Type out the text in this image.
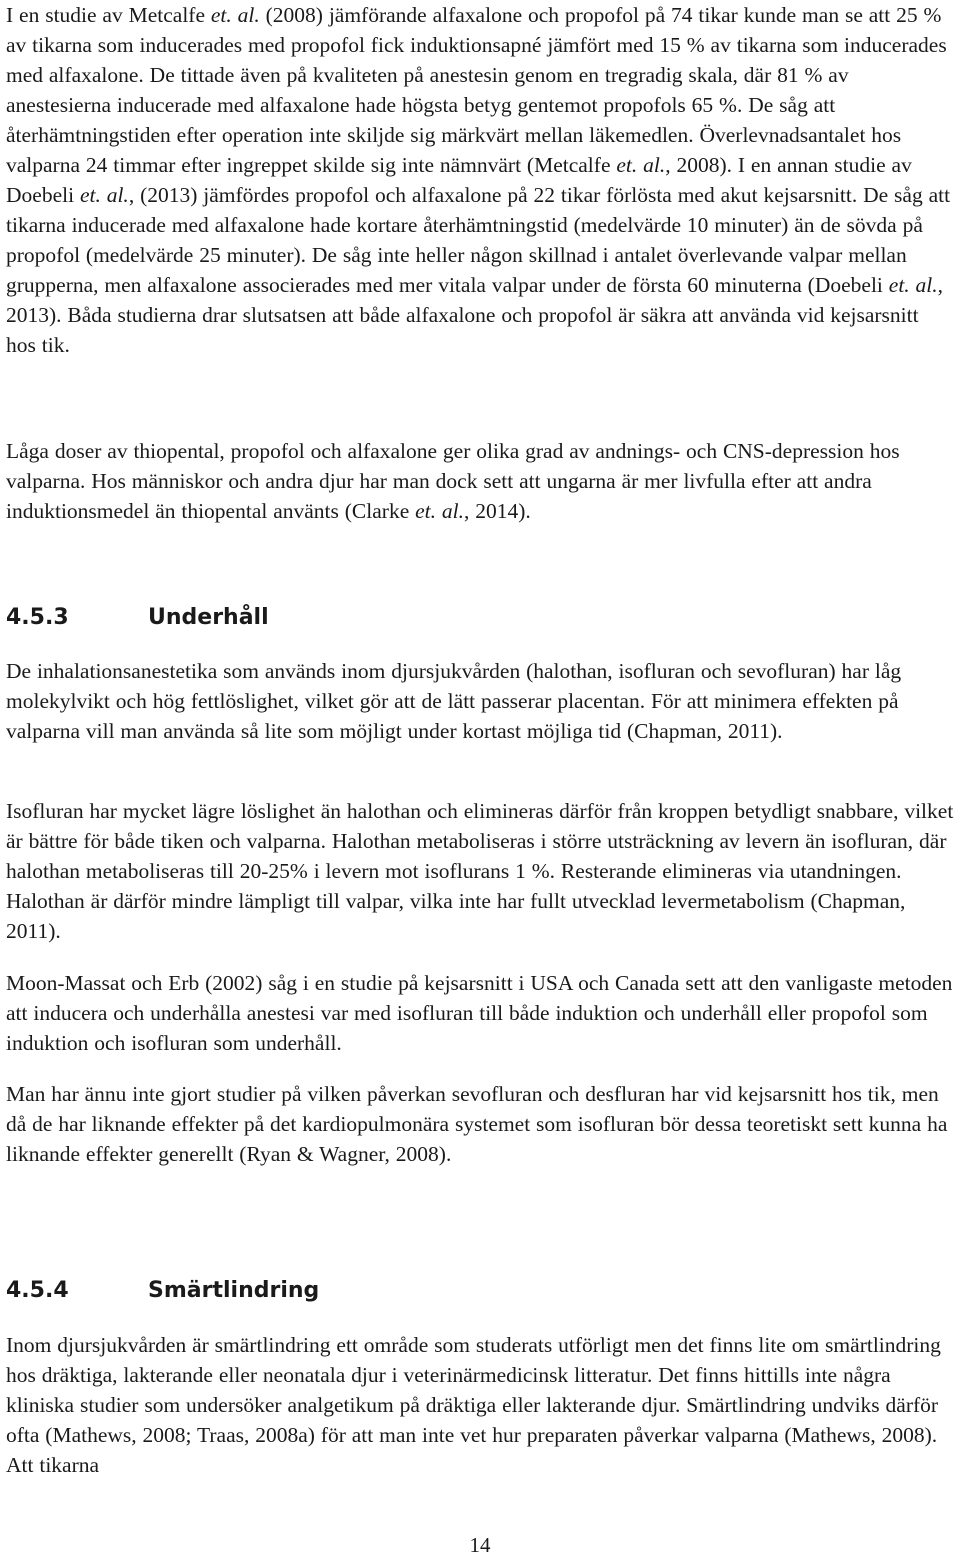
I en studie av Metcalfe et. al. (2008) jämförande alfaxalone och propofol på 74 tikar kunde man se att 25 % av tikarna som inducerades med propofol fick induktionsapné jämfört med 15 % av tikarna som inducerades med alfaxalone. De tittade även på kvaliteten på anestesin genom en tregradig skala, där 81 % av anestesierna inducerade med alfaxalone hade högsta betyg gentemot propofols 65 %. De såg att återhämtningstiden efter operation inte skiljde sig märkvärt mellan läkemedlen. Överlevnadsantalet hos valparna 24 timmar efter ingreppet skilde sig inte nämnvärt (Metcalfe et. al., 2008). I en annan studie av Doebeli et. al., (2013) jämfördes propofol och alfaxalone på 22 tikar förlösta med akut kejsarsnitt. De såg att tikarna inducerade med alfaxalone hade kortare återhämtningstid (medelvärde 10 minuter) än de sövda på propofol (medelvärde 25 minuter). De såg inte heller någon skillnad i antalet överlevande valpar mellan grupperna, men alfaxalone associerades med mer vitala valpar under de första 60 minuterna (Doebeli et. al., 2013). Båda studierna drar slutsatsen att både alfaxalone och propofol är säkra att använda vid kejsarsnitt hos tik.

Låga doser av thiopental, propofol och alfaxalone ger olika grad av andnings- och CNS-depression hos valparna. Hos människor och andra djur har man dock sett att ungarna är mer livfulla efter att andra induktionsmedel än thiopental använts (Clarke et. al., 2014).

4.5.3	Underhåll

De inhalationsanestetika som används inom djursjukvården (halothan, isofluran och sevofluran) har låg molekylvikt och hög fettlöslighet, vilket gör att de lätt passerar placentan. För att minimera effekten på valparna vill man använda så lite som möjligt under kortast möjliga tid (Chapman, 2011).

Isofluran har mycket lägre löslighet än halothan och elimineras därför från kroppen betydligt snabbare, vilket är bättre för både tiken och valparna. Halothan metaboliseras i större utsträckning av levern än isofluran, där halothan metaboliseras till 20-25% i levern mot isoflurans 1 %. Resterande elimineras via utandningen. Halothan är därför mindre lämpligt till valpar, vilka inte har fullt utvecklad levermetabolism (Chapman, 2011).

Moon-Massat och Erb (2002) såg i en studie på kejsarsnitt i USA och Canada sett att den vanligaste metoden att inducera och underhålla anestesi var med isofluran till både induktion och underhåll eller propofol som induktion och isofluran som underhåll.

Man har ännu inte gjort studier på vilken påverkan sevofluran och desfluran har vid kejsarsnitt hos tik, men då de har liknande effekter på det kardiopulmonära systemet som isofluran bör dessa teoretiskt sett kunna ha liknande effekter generellt (Ryan & Wagner, 2008).

4.5.4	Smärtlindring

Inom djursjukvården är smärtlindring ett område som studerats utförligt men det finns lite om smärtlindring hos dräktiga, lakterande eller neonatala djur i veterinärmedicinsk litteratur. Det finns hittills inte några kliniska studier som undersöker analgetikum på dräktiga eller lakterande djur. Smärtlindring undviks därför ofta (Mathews, 2008; Traas, 2008a) för att man inte vet hur preparaten påverkar valparna (Mathews, 2008). Att tikarna

14
